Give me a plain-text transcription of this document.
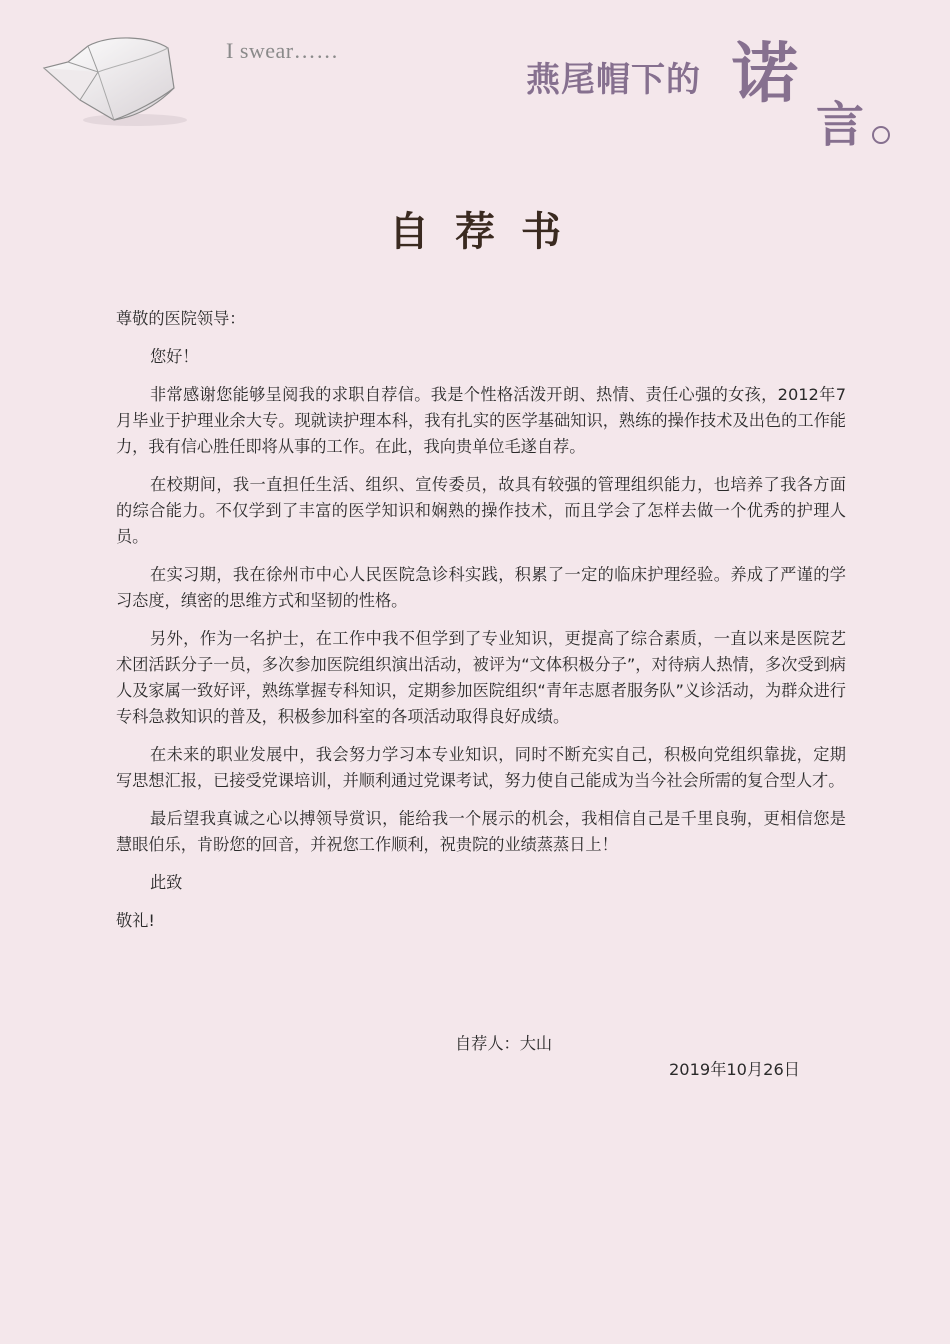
I swear……
燕尾帽下的 诺
言
自荐书

尊敬的医院领导：

您好！

非常感谢您能够呈阅我的求职自荐信。我是个性格活泼开朗、热情、责任心强的女孩，2012年7月毕业于护理业余大专。现就读护理本科，我有扎实的医学基础知识，熟练的操作技术及出色的工作能力，我有信心胜任即将从事的工作。在此，我向贵单位毛遂自荐。

在校期间，我一直担任生活、组织、宣传委员，故具有较强的管理组织能力，也培养了我各方面的综合能力。不仅学到了丰富的医学知识和娴熟的操作技术，而且学会了怎样去做一个优秀的护理人员。

在实习期，我在徐州市中心人民医院急诊科实践，积累了一定的临床护理经验。养成了严谨的学习态度，缜密的思维方式和坚韧的性格。

另外，作为一名护士，在工作中我不但学到了专业知识，更提高了综合素质，一直以来是医院艺术团活跃分子一员，多次参加医院组织演出活动，被评为“文体积极分子”，对待病人热情，多次受到病人及家属一致好评，熟练掌握专科知识，定期参加医院组织“青年志愿者服务队”义诊活动，为群众进行专科急救知识的普及，积极参加科室的各项活动取得良好成绩。

在未来的职业发展中，我会努力学习本专业知识，同时不断充实自己，积极向党组织靠拢，定期写思想汇报，已接受党课培训，并顺利通过党课考试，努力使自己能成为当今社会所需的复合型人才。

最后望我真诚之心以搏领导赏识，能给我一个展示的机会，我相信自己是千里良驹，更相信您是慧眼伯乐，肯盼您的回音，并祝您工作顺利，祝贵院的业绩蒸蒸日上！

此致

敬礼!

自荐人：大山
2019年10月26日
